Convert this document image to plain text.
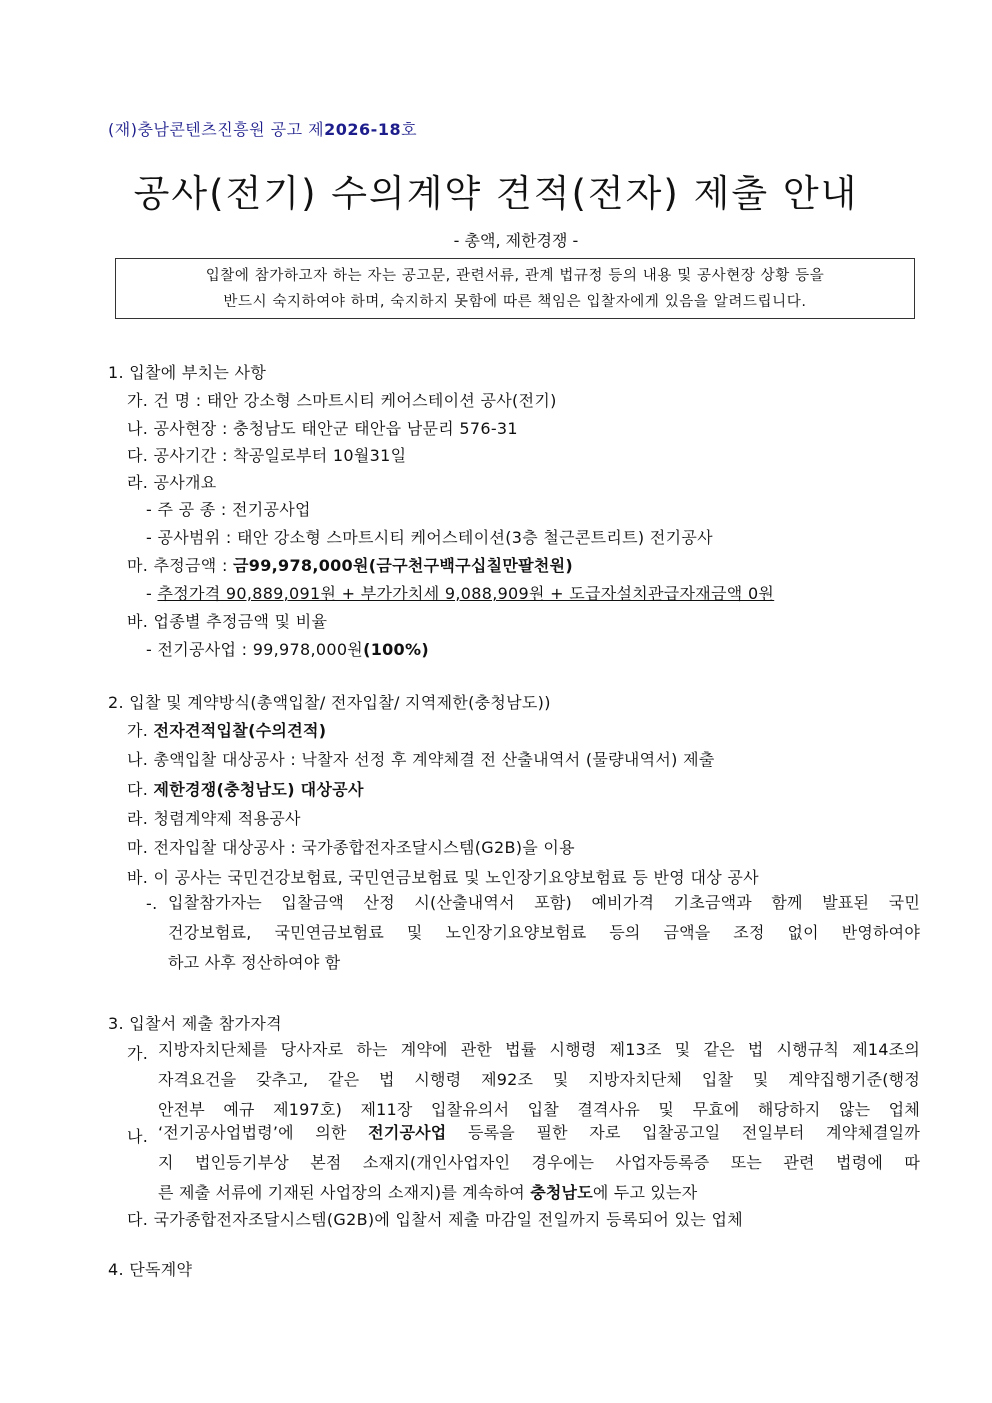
(재)충남콘텐츠진흥원 공고 제2026-18호
공사(전기) 수의계약 견적(전자) 제출 안내
- 총액, 제한경쟁 -
입찰에 참가하고자 하는 자는 공고문, 관련서류, 관계 법규정 등의 내용 및 공사현장 상황 등을
반드시 숙지하여야 하며, 숙지하지 못함에 따른 책임은 입찰자에게 있음을 알려드립니다.
1. 입찰에 부치는 사항
가. 건 명 : 태안 강소형 스마트시티 케어스테이션 공사(전기)
나. 공사현장 : 충청남도 태안군 태안읍 남문리 576-31
다. 공사기간 : 착공일로부터 10월31일
라. 공사개요
- 주 공 종 : 전기공사업
- 공사범위 : 태안 강소형 스마트시티 케어스테이션(3층 철근콘트리트) 전기공사
마. 추정금액 : 금99,978,000원(금구천구백구십칠만팔천원)
- 추정가격 90,889,091원 + 부가가치세 9,088,909원 + 도급자설치관급자재금액 0원
바. 업종별 추정금액 및 비율
- 전기공사업 : 99,978,000원(100%)
2. 입찰 및 계약방식(총액입찰/ 전자입찰/ 지역제한(충청남도))
가. 전자견적입찰(수의견적)
나. 총액입찰 대상공사 : 낙찰자 선정 후 계약체결 전 산출내역서 (물량내역서) 제출
다. 제한경쟁(충청남도) 대상공사
라. 청렴계약제 적용공사
마. 전자입찰 대상공사 : 국가종합전자조달시스템(G2B)을 이용
바. 이 공사는 국민건강보험료, 국민연금보험료 및 노인장기요양보험료 등 반영 대상 공사
-. 입찰참가자는 입찰금액 산정 시(산출내역서 포함) 예비가격 기초금액과 함께 발표된 국민
건강보험료, 국민연금보험료 및 노인장기요양보험료 등의 금액을 조정 없이 반영하여야
하고 사후 정산하여야 함
3. 입찰서 제출 참가자격
가. 지방자치단체를 당사자로 하는 계약에 관한 법률 시행령 제13조 및 같은 법 시행규칙 제14조의
자격요건을 갖추고, 같은 법 시행령 제92조 및 지방자치단체 입찰 및 계약집행기준(행정
안전부 예규 제197호) 제11장 입찰유의서 입찰 결격사유 및 무효에 해당하지 않는 업체
나. ‘전기공사업법령’에 의한 전기공사업 등록을 필한 자로 입찰공고일 전일부터 계약체결일까
지 법인등기부상 본점 소재지(개인사업자인 경우에는 사업자등록증 또는 관련 법령에 따
른 제출 서류에 기재된 사업장의 소재지)를 계속하여 충청남도에 두고 있는자
다. 국가종합전자조달시스템(G2B)에 입찰서 제출 마감일 전일까지 등록되어 있는 업체
4. 단독계약
